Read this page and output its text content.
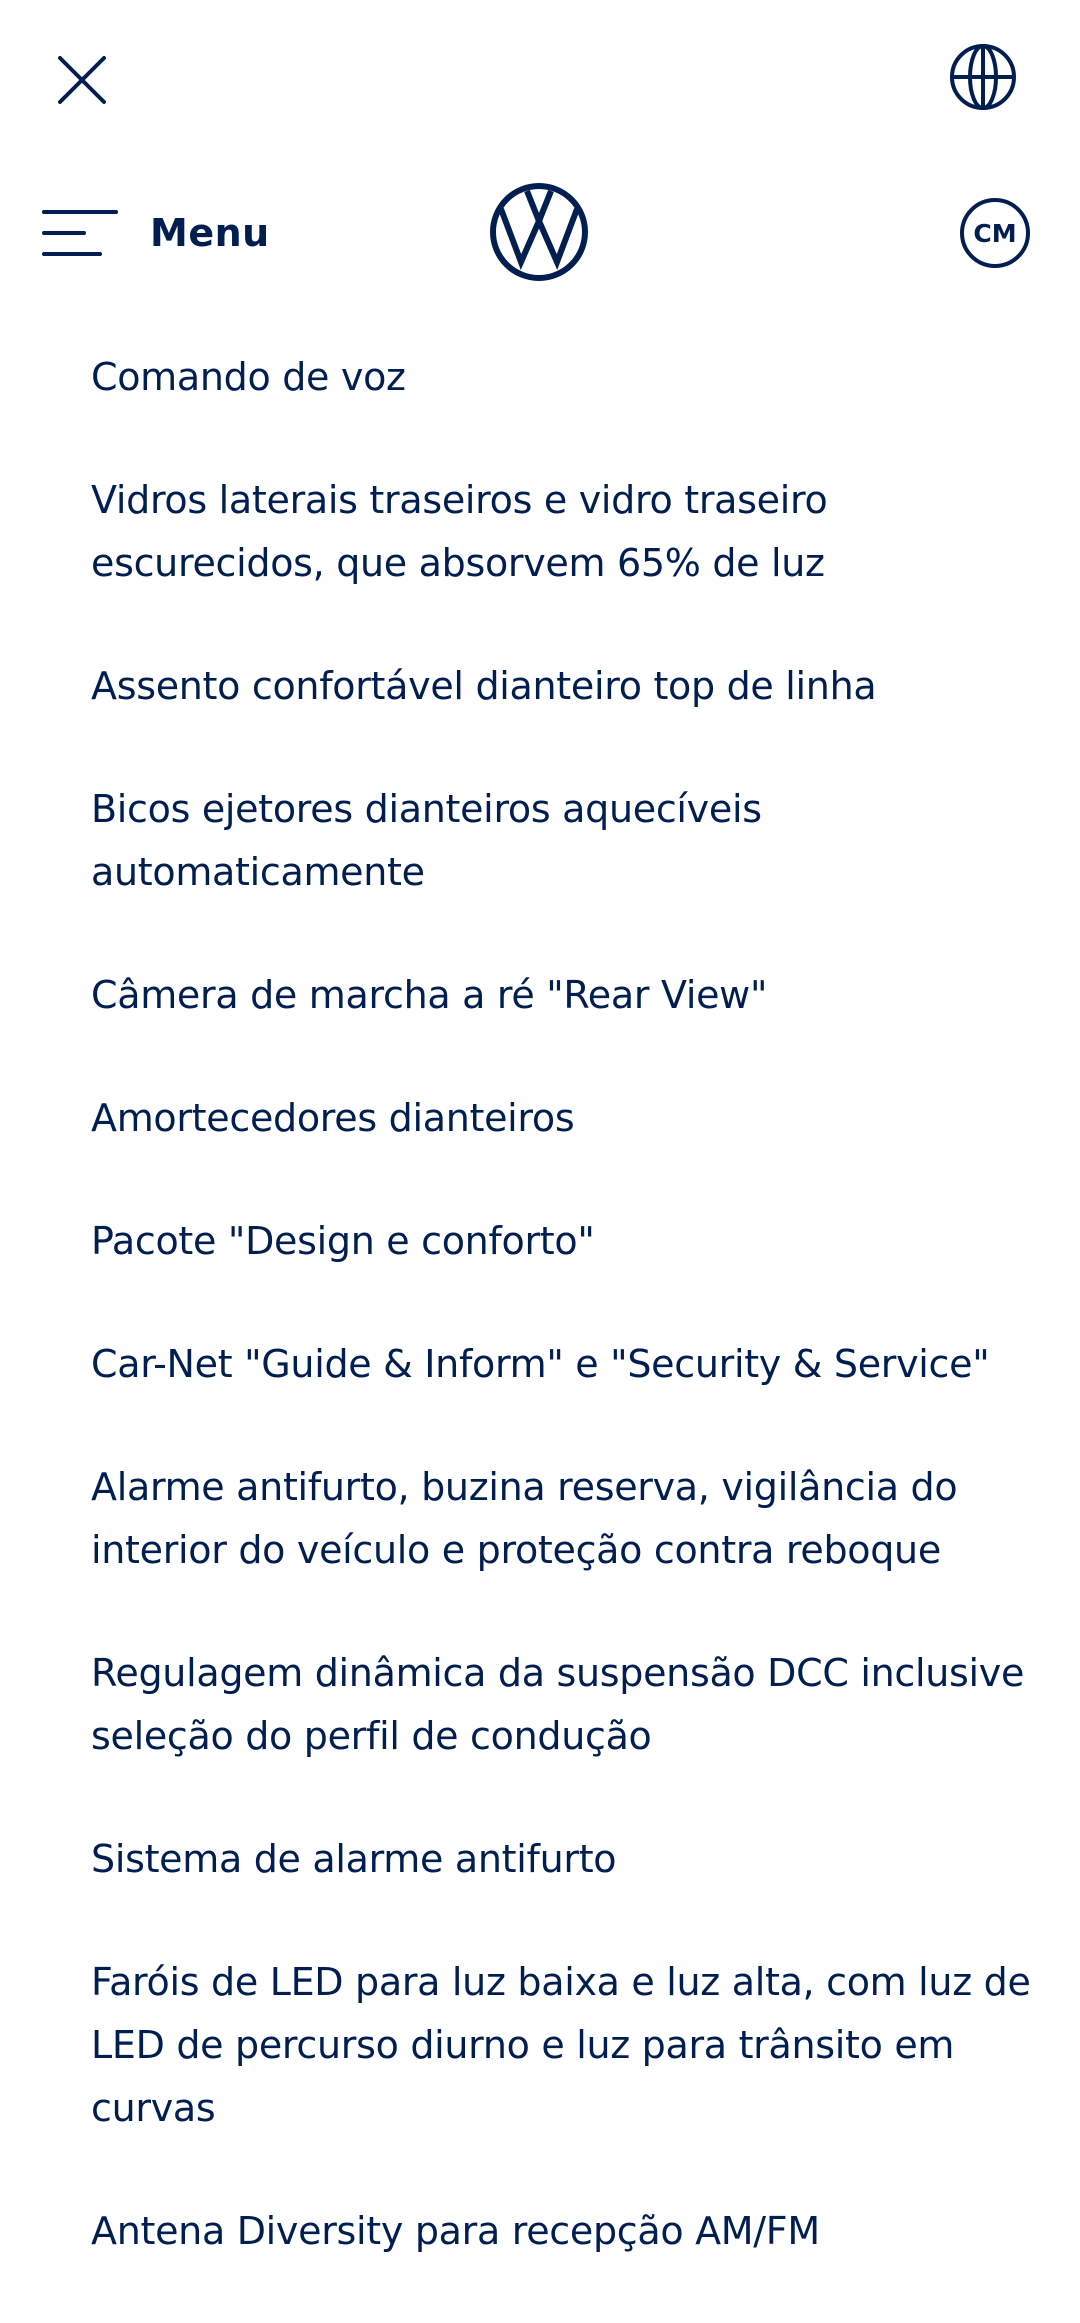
Menu	CM
Comando de voz
Vidros laterais traseiros e vidro traseiro escurecidos, que absorvem 65% de luz
Assento confortável dianteiro top de linha
Bicos ejetores dianteiros aquecíveis automaticamente
Câmera de marcha a ré "Rear View"
Amortecedores dianteiros
Pacote "Design e conforto"
Car-Net "Guide & Inform" e "Security & Service"
Alarme antifurto, buzina reserva, vigilância do interior do veículo e proteção contra reboque
Regulagem dinâmica da suspensão DCC inclusive seleção do perfil de condução
Sistema de alarme antifurto
Faróis de LED para luz baixa e luz alta, com luz de LED de percurso diurno e luz para trânsito em curvas
Antena Diversity para recepção AM/FM
